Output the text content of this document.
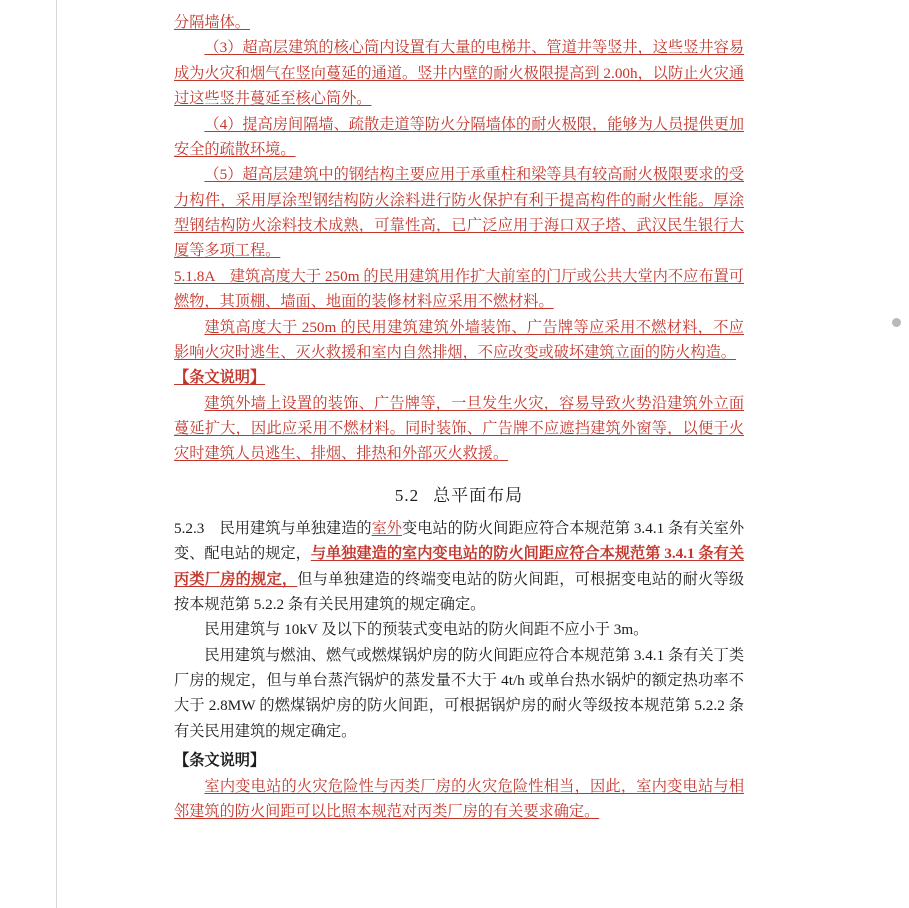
分隔墙体。

（3）超高层建筑的核心筒内设置有大量的电梯井、管道井等竖井，这些竖井容易成为火灾和烟气在竖向蔓延的通道。竖井内壁的耐火极限提高到 2.00h，以防止火灾通过这些竖井蔓延至核心筒外。

（4）提高房间隔墙、疏散走道等防火分隔墙体的耐火极限，能够为人员提供更加安全的疏散环境。

（5）超高层建筑中的钢结构主要应用于承重柱和梁等具有较高耐火极限要求的受力构件，采用厚涂型钢结构防火涂料进行防火保护有利于提高构件的耐火性能。厚涂型钢结构防火涂料技术成熟，可靠性高，已广泛应用于海口双子塔、武汉民生银行大厦等多项工程。

5.1.8A　建筑高度大于 250m 的民用建筑用作扩大前室的门厅或公共大堂内不应布置可燃物，其顶棚、墙面、地面的装修材料应采用不燃材料。

建筑高度大于 250m 的民用建筑建筑外墙装饰、广告牌等应采用不燃材料，不应影响火灾时逃生、灭火救援和室内自然排烟，不应改变或破坏建筑立面的防火构造。

【条文说明】

建筑外墙上设置的装饰、广告牌等，一旦发生火灾，容易导致火势沿建筑外立面蔓延扩大，因此应采用不燃材料。同时装饰、广告牌不应遮挡建筑外窗等，以便于火灾时建筑人员逃生、排烟、排热和外部灭火救援。

5.2 总平面布局

5.2.3　民用建筑与单独建造的室外变电站的防火间距应符合本规范第 3.4.1 条有关室外变、配电站的规定，与单独建造的室内变电站的防火间距应符合本规范第 3.4.1 条有关丙类厂房的规定，但与单独建造的终端变电站的防火间距，可根据变电站的耐火等级按本规范第 5.2.2 条有关民用建筑的规定确定。

民用建筑与 10kV 及以下的预装式变电站的防火间距不应小于 3m。

民用建筑与燃油、燃气或燃煤锅炉房的防火间距应符合本规范第 3.4.1 条有关丁类厂房的规定，但与单台蒸汽锅炉的蒸发量不大于 4t/h 或单台热水锅炉的额定热功率不大于 2.8MW 的燃煤锅炉房的防火间距，可根据锅炉房的耐火等级按本规范第 5.2.2 条有关民用建筑的规定确定。

【条文说明】

室内变电站的火灾危险性与丙类厂房的火灾危险性相当，因此，室内变电站与相邻建筑的防火间距可以比照本规范对丙类厂房的有关要求确定。
